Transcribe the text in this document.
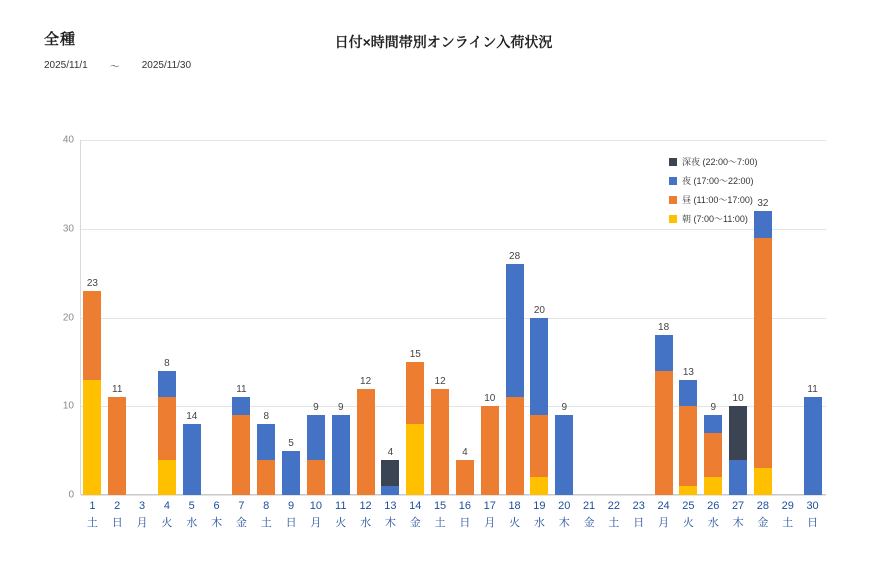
全種
2025/11/1 ～ 2025/11/30
日付×時間帯別オンライン入荷状況
0
10
20
30
40
23
11
8
14
11
8
5
9	9
12
4
15
12
4
10
28
20
9
18
13
9
10
32
11
1
土
2
日
3
月
4
火
5
水
6
木
7
金
8
土
9
日
10
月
11
火
12
水
13
木
14
金
15
土
16
日
17
月
18
火
19
水
20
木
21
金
22
土
23
日
24
月
25
火
26
水
27
木
28
金
29
土
30
日
深夜 (22:00～7:00)
夜 (17:00～22:00)
昼 (11:00～17:00)
朝 (7:00～11:00)
